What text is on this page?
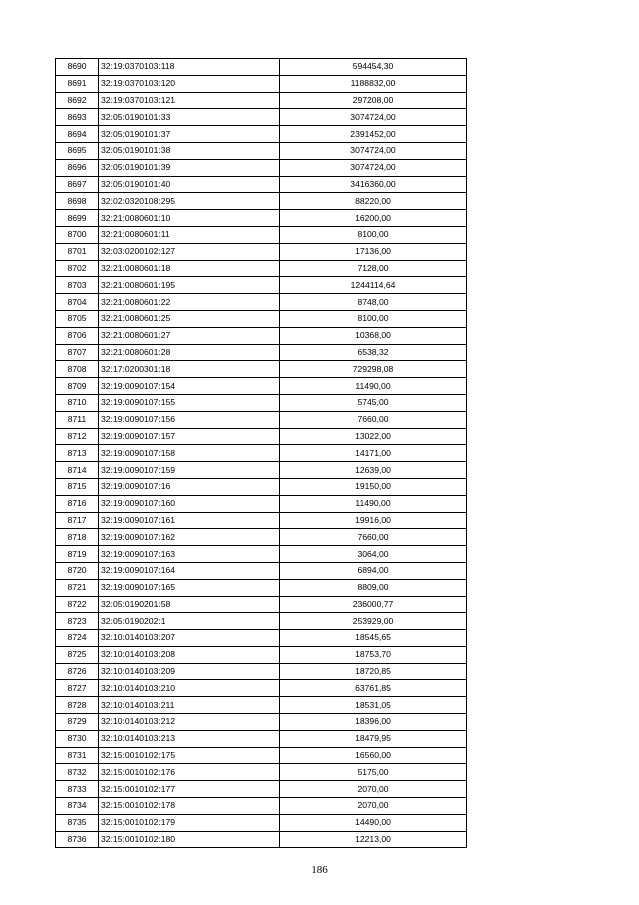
8690	32:19:0370103:118	594454,30
8691	32:19:0370103:120	1188832,00
8692	32:19:0370103:121	297208,00
8693	32:05:0190101:33	3074724,00
8694	32:05:0190101:37	2391452,00
8695	32:05:0190101:38	3074724,00
8696	32:05:0190101:39	3074724,00
8697	32:05:0190101:40	3416360,00
8698	32:02:0320108:295	88220,00
8699	32:21:0080601:10	16200,00
8700	32:21:0080601:11	8100,00
8701	32:03:0200102:127	17136,00
8702	32:21:0080601:18	7128,00
8703	32:21:0080601:195	1244114,64
8704	32:21:0080601:22	8748,00
8705	32:21:0080601:25	8100,00
8706	32:21:0080601:27	10368,00
8707	32:21:0080601:28	6538,32
8708	32:17:0200301:18	729298,08
8709	32:19:0090107:154	11490,00
8710	32:19:0090107:155	5745,00
8711	32:19:0090107:156	7660,00
8712	32:19:0090107:157	13022,00
8713	32:19:0090107:158	14171,00
8714	32:19:0090107:159	12639,00
8715	32:19:0090107:16	19150,00
8716	32:19:0090107:160	11490,00
8717	32:19:0090107:161	19916,00
8718	32:19:0090107:162	7660,00
8719	32:19:0090107:163	3064,00
8720	32:19:0090107:164	6894,00
8721	32:19:0090107:165	8809,00
8722	32:05:0190201:58	236000,77
8723	32:05:0190202:1	253929,00
8724	32:10:0140103:207	18545,65
8725	32:10:0140103:208	18753,70
8726	32:10:0140103:209	18720,85
8727	32:10:0140103:210	63761,85
8728	32:10:0140103:211	18531,05
8729	32:10:0140103:212	18396,00
8730	32:10:0140103:213	18479,95
8731	32:15:0010102:175	16560,00
8732	32:15:0010102:176	5175,00
8733	32:15:0010102:177	2070,00
8734	32:15:0010102:178	2070,00
8735	32:15:0010102:179	14490,00
8736	32:15:0010102:180	12213,00
186
